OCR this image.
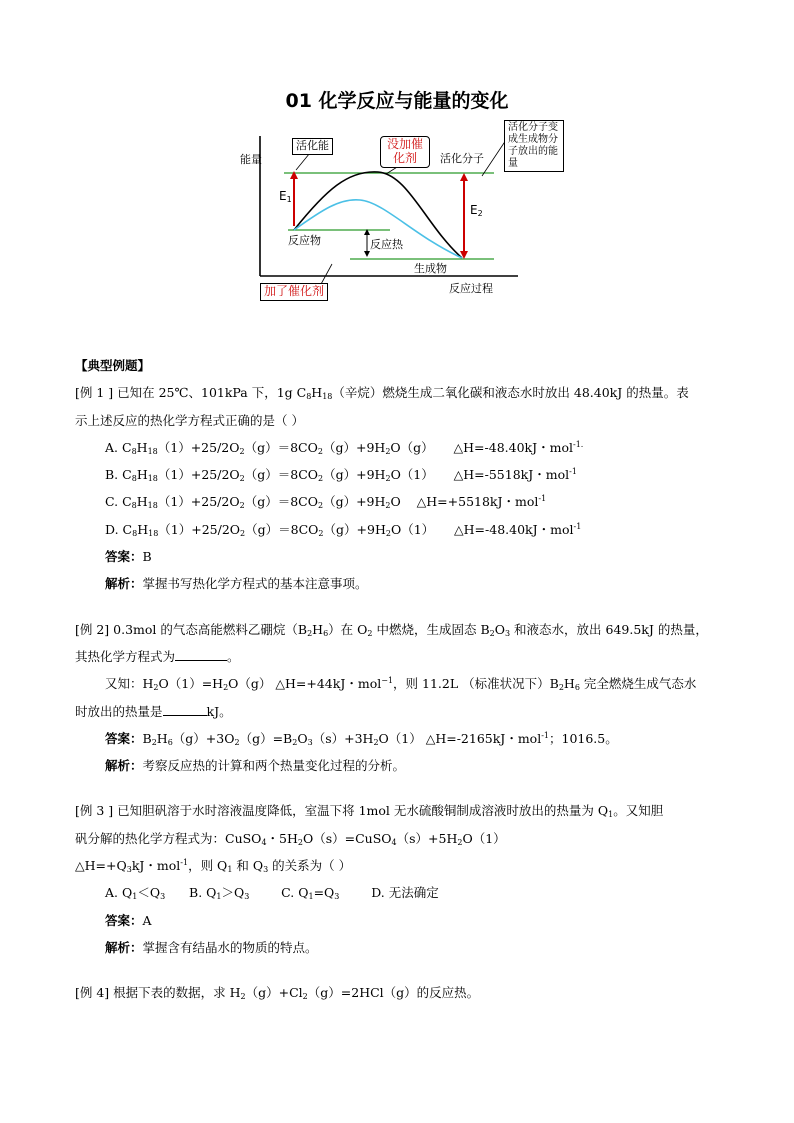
01 化学反应与能量的变化
能量
反应过程
活化能	没加催化剂	活化分子
活化分子变成生成物分子放出的能量
$E_1$
$E_2$
反应物	反应热
生成物
加了催化剂

【典型例题】

[例 1 ] 已知在 25℃、101kPa 下，1g $C_8H_{18}$（辛烷）燃烧生成二氧化碳和液态水时放出 48.40kJ 的热量。表

示上述反应的热化学方程式正确的是（ ）

A. $C_8H_{18}(1)+25/2O_2(g)=8CO_2(g)+9H_2O(g)$ △H=-48.40kJ・mol$^{-1.}$

B. $C_8H_{18}(1)+25/2O_2(g)=8CO_2(g)+9H_2O(1)$ △H=-5518kJ・mol$^{-1}$

C. $C_8H_{18}(1)+25/2O_2(g)=8CO_2(g)+9H_2O$ △H=+5518kJ・mol$^{-1}$

D. $C_8H_{18}(1)+25/2O_2(g)=8CO_2(g)+9H_2O(1)$ △H=-48.40kJ・mol$^{-1}$

答案：B

解析：掌握书写热化学方程式的基本注意事项。

[例 2] 0.3mol 的气态高能燃料乙硼烷$(B_2H_6)$在 $O_2$ 中燃烧，生成固态 $B_2O_3$ 和液态水，放出 649.5kJ 的热量，

其热化学方程式为	。

又知：$H_2O(1)=H_2O(g)$ △H=+44kJ・mol$^{-1}$，则 11.2L （标准状况下）$B_2H_6$ 完全燃烧生成气态水

时放出的热量是	kJ。

答案：$B_2H_6(g)+3O_2(g)=B_2O_3(s)+3H_2O(1)$ △H=-2165kJ・mol$^{-1}$；1016.5。

解析：考察反应热的计算和两个热量变化过程的分析。

[例 3 ] 已知胆矾溶于水时溶液温度降低，室温下将 1mol 无水硫酸铜制成溶液时放出的热量为 $Q_1$。又知胆

矾分解的热化学方程式为：CuSO$_4$・$5H_2O(s)=CuSO_4(s)+5H_2O(1)$

$\triangle H=+Q_3kJ$・mol$^{-1}$，则 $Q_1$ 和 $Q_3$ 的关系为（ ）

A. $Q_1<Q_3$ B. $Q_1>Q_3$	C. $Q_1=Q_3$	D. 无法确定

答案：A

解析：掌握含有结晶水的物质的特点。

[例 4] 根据下表的数据，求 $H_2(g)+Cl_2(g)=2HCl(g)$的反应热。
